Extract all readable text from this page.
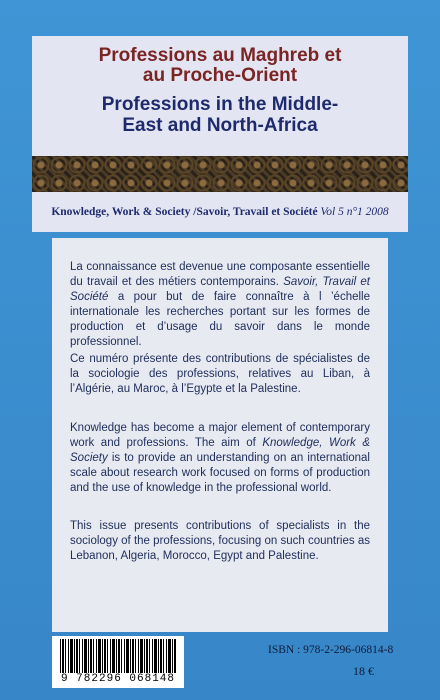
Professions au Maghreb et
au Proche-Orient
Professions in the Middle-
East and North-Africa
Knowledge, Work & Society /Savoir, Travail et Société Vol 5 n°1 2008
La connaissance est devenue une composante essentielle du travail et des métiers contemporains. Savoir, Travail et Société a pour but de faire connaître à l ’échelle internationale les recherches portant sur les formes de production et d’usage du savoir dans le monde professionnel.
Ce numéro présente des contributions de spécialistes de la sociologie des professions, relatives au Liban, à l’Algérie, au Maroc, à l’Egypte et la Palestine.
Knowledge has become a major element of contemporary work and professions. The aim of Knowledge, Work & Society is to provide an understanding on an international scale about research work focused on forms of production and the use of knowledge in the professional world.
This issue presents contributions of specialists in the sociology of the professions, focusing on such countries as Lebanon, Algeria, Morocco, Egypt and Palestine.
9 782296 068148
ISBN : 978-2-296-06814-8
18 €
